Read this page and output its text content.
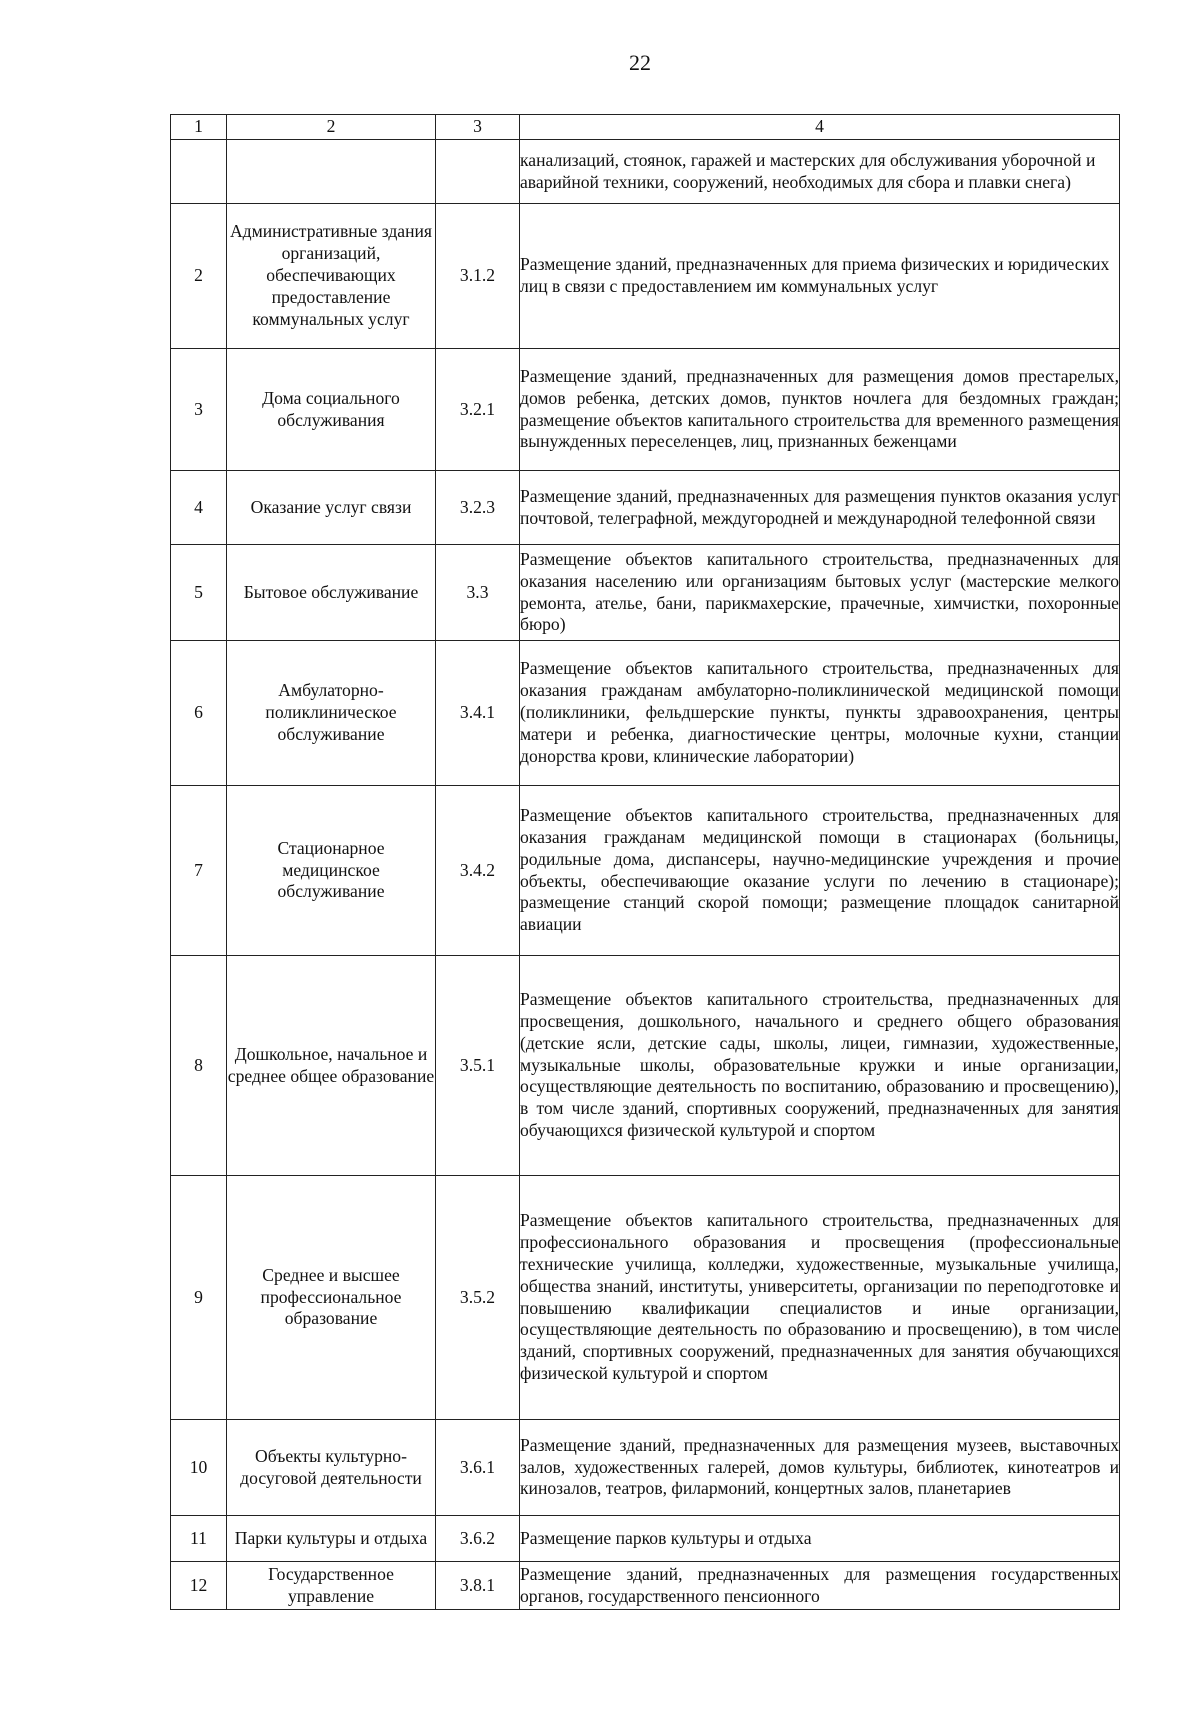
22
1	2	3	4
			канализаций, стоянок, гаражей и мастерских для обслуживания уборочной и аварийной техники, сооружений, необходимых для сбора и плавки снега)
2	Административные здания организаций, обеспечивающих предоставление коммунальных услуг	3.1.2	Размещение зданий, предназначенных для приема физических и юридических лиц в связи с предоставлением им коммунальных услуг
3	Дома социального обслуживания	3.2.1	Размещение зданий, предназначенных для размещения домов престарелых, домов ребенка, детских домов, пунктов ночлега для бездомных граждан; размещение объектов капитального строительства для временного размещения вынужденных переселенцев, лиц, признанных беженцами
4	Оказание услуг связи	3.2.3	Размещение зданий, предназначенных для размещения пунктов оказания услуг почтовой, телеграфной, междугородней и международной телефонной связи
5	Бытовое обслуживание	3.3	Размещение объектов капитального строительства, предназначенных для оказания населению или организациям бытовых услуг (мастерские мелкого ремонта, ателье, бани, парикмахерские, прачечные, химчистки, похоронные бюро)
6	Амбулаторно-поликлиническое обслуживание	3.4.1	Размещение объектов капитального строительства, предназначенных для оказания гражданам амбулаторно-поликлинической медицинской помощи (поликлиники, фельдшерские пункты, пункты здравоохранения, центры матери и ребенка, диагностические центры, молочные кухни, станции донорства крови, клинические лаборатории)
7	Стационарное медицинское обслуживание	3.4.2	Размещение объектов капитального строительства, предназначенных для оказания гражданам медицинской помощи в стационарах (больницы, родильные дома, диспансеры, научно-медицинские учреждения и прочие объекты, обеспечивающие оказание услуги по лечению в стационаре); размещение станций скорой помощи; размещение площадок санитарной авиации
8	Дошкольное, начальное и среднее общее образование	3.5.1	Размещение объектов капитального строительства, предназначенных для просвещения, дошкольного, начального и среднего общего образования (детские ясли, детские сады, школы, лицеи, гимназии, художественные, музыкальные школы, образовательные кружки и иные организации, осуществляющие деятельность по воспитанию, образованию и просвещению), в том числе зданий, спортивных сооружений, предназначенных для занятия обучающихся физической культурой и спортом
9	Среднее и высшее профессиональное образование	3.5.2	Размещение объектов капитального строительства, предназначенных для профессионального образования и просвещения (профессиональные технические училища, колледжи, художественные, музыкальные училища, общества знаний, институты, университеты, организации по переподготовке и повышению квалификации специалистов и иные организации, осуществляющие деятельность по образованию и просвещению), в том числе зданий, спортивных сооружений, предназначенных для занятия обучающихся физической культурой и спортом
10	Объекты культурно-досуговой деятельности	3.6.1	Размещение зданий, предназначенных для размещения музеев, выставочных залов, художественных галерей, домов культуры, библиотек, кинотеатров и кинозалов, театров, филармоний, концертных залов, планетариев
11	Парки культуры и отдыха	3.6.2	Размещение парков культуры и отдыха
12	Государственное управление	3.8.1	Размещение зданий, предназначенных для размещения государственных органов, государственного пенсионного
